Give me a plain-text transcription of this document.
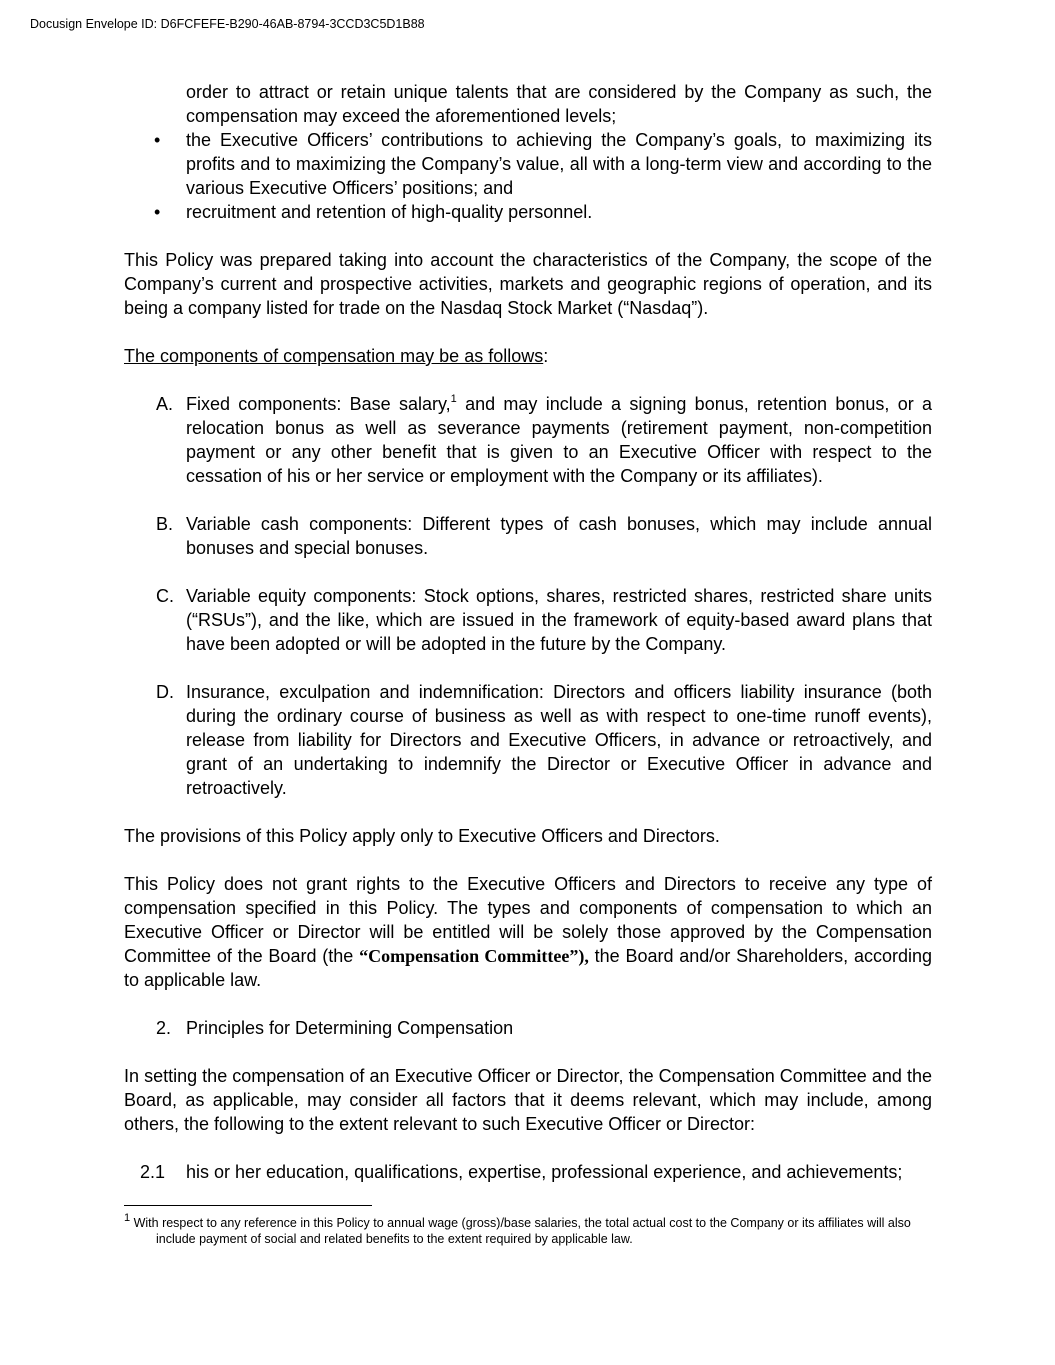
Docusign Envelope ID: D6FCFEFE-B290-46AB-8794-3CCD3C5D1B88

order to attract or retain unique talents that are considered by the Company as such, the compensation may exceed the aforementioned levels;

• the Executive Officers’ contributions to achieving the Company’s goals, to maximizing its profits and to maximizing the Company’s value, all with a long-term view and according to the various Executive Officers’ positions; and
• recruitment and retention of high-quality personnel.

This Policy was prepared taking into account the characteristics of the Company, the scope of the Company’s current and prospective activities, markets and geographic regions of operation, and its being a company listed for trade on the Nasdaq Stock Market (“Nasdaq”).

The components of compensation may be as follows:

A. Fixed components: Base salary,$^1$ and may include a signing bonus, retention bonus, or a relocation bonus as well as severance payments (retirement payment, non-competition payment or any other benefit that is given to an Executive Officer with respect to the cessation of his or her service or employment with the Company or its affiliates).
B. Variable cash components: Different types of cash bonuses, which may include annual bonuses and special bonuses.
C. Variable equity components: Stock options, shares, restricted shares, restricted share units (“RSUs”), and the like, which are issued in the framework of equity-based award plans that have been adopted or will be adopted in the future by the Company.
D. Insurance, exculpation and indemnification: Directors and officers liability insurance (both during the ordinary course of business as well as with respect to one-time runoff events), release from liability for Directors and Executive Officers, in advance or retroactively, and grant of an undertaking to indemnify the Director or Executive Officer in advance and retroactively.

The provisions of this Policy apply only to Executive Officers and Directors.

This Policy does not grant rights to the Executive Officers and Directors to receive any type of compensation specified in this Policy. The types and components of compensation to which an Executive Officer or Director will be entitled will be solely those approved by the Compensation Committee of the Board (the “Compensation Committee”), the Board and/or Shareholders, according to applicable law.

2. Principles for Determining Compensation

In setting the compensation of an Executive Officer or Director, the Compensation Committee and the Board, as applicable, may consider all factors that it deems relevant, which may include, among others, the following to the extent relevant to such Executive Officer or Director:

2.1 his or her education, qualifications, expertise, professional experience, and achievements;
$^1$ With respect to any reference in this Policy to annual wage (gross)/base salaries, the total actual cost to the Company or its affiliates will also
include payment of social and related benefits to the extent required by applicable law.
